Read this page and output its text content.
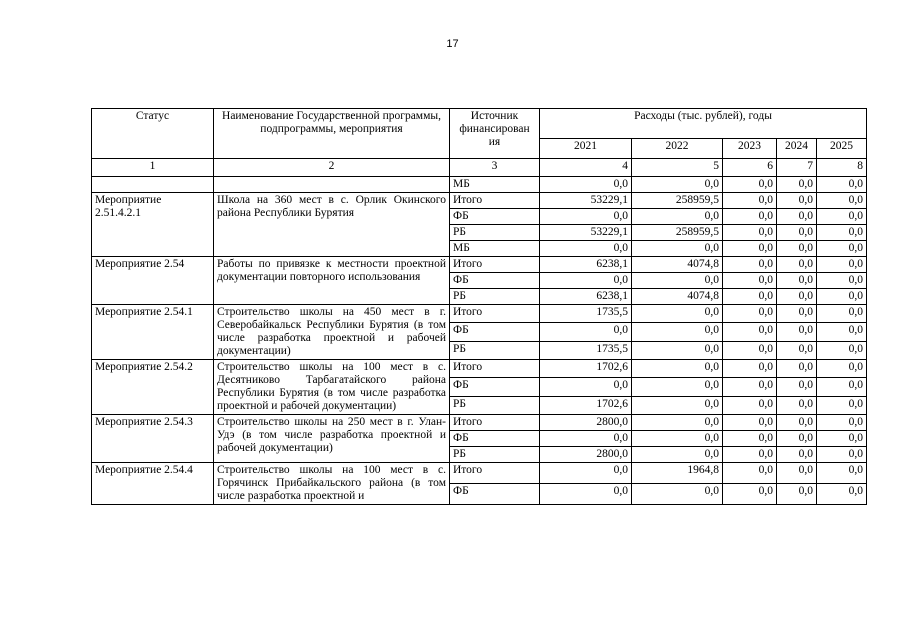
17
Статус	Наименование Государственной программы, подпрограммы, мероприятия	Источник финансирован ия	Расходы (тыс. рублей), годы				
			2021	2022	2023	2024	2025
1	2	3	4	5	6	7	8
		МБ	0,0	0,0	0,0	0,0	0,0
Мероприятие 2.51.4.2.1	Школа на 360 мест в с. Орлик Окинского района Республики Бурятия	Итого	53229,1	258959,5	0,0	0,0	0,0
		ФБ	0,0	0,0	0,0	0,0	0,0
		РБ	53229,1	258959,5	0,0	0,0	0,0
		МБ	0,0	0,0	0,0	0,0	0,0
Мероприятие 2.54	Работы по привязке к местности проектной документации повторного использования	Итого	6238,1	4074,8	0,0	0,0	0,0
		ФБ	0,0	0,0	0,0	0,0	0,0
		РБ	6238,1	4074,8	0,0	0,0	0,0
Мероприятие 2.54.1	Строительство школы на 450 мест в г. Северобайкальск Республики Бурятия (в том числе разработка проектной и рабочей документации)	Итого	1735,5	0,0	0,0	0,0	0,0
		ФБ	0,0	0,0	0,0	0,0	0,0
		РБ	1735,5	0,0	0,0	0,0	0,0
Мероприятие 2.54.2	Строительство школы на 100 мест в с. Десятниково Тарбагатайского района Республики Бурятия (в том числе разработка проектной и рабочей документации)	Итого	1702,6	0,0	0,0	0,0	0,0
		ФБ	0,0	0,0	0,0	0,0	0,0
		РБ	1702,6	0,0	0,0	0,0	0,0
Мероприятие 2.54.3	Строительство школы на 250 мест в г. Улан-Удэ (в том числе разработка проектной и рабочей документации)	Итого	2800,0	0,0	0,0	0,0	0,0
		ФБ	0,0	0,0	0,0	0,0	0,0
		РБ	2800,0	0,0	0,0	0,0	0,0
Мероприятие 2.54.4	Строительство школы на 100 мест в с. Горячинск Прибайкальского района (в том числе разработка проектной и	Итого	0,0	1964,8	0,0	0,0	0,0
		ФБ	0,0	0,0	0,0	0,0	0,0
